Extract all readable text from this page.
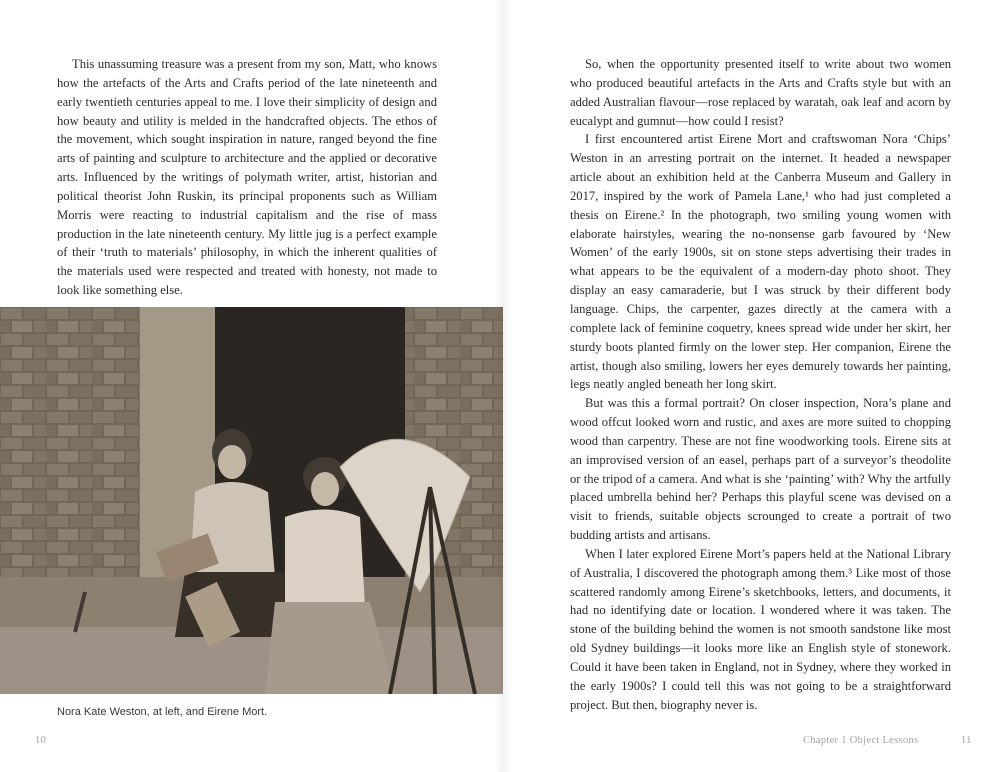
This unassuming treasure was a present from my son, Matt, who knows how the artefacts of the Arts and Crafts period of the late nineteenth and early twentieth centuries appeal to me. I love their simplicity of design and how beauty and utility is melded in the handcrafted objects. The ethos of the movement, which sought inspiration in nature, ranged beyond the fine arts of painting and sculpture to architecture and the applied or decorative arts. Influenced by the writings of polymath writer, artist, historian and political theorist John Ruskin, its principal proponents such as William Morris were reacting to industrial capitalism and the rise of mass production in the late nineteenth century. My little jug is a perfect example of their ‘truth to materials’ philosophy, in which the inherent qualities of the materials used were respected and treated with honesty, not made to look like something else.

Nora Kate Weston, at left, and Eirene Mort.
10

So, when the opportunity presented itself to write about two women who produced beautiful artefacts in the Arts and Crafts style but with an added Australian flavour—rose replaced by waratah, oak leaf and acorn by eucalypt and gumnut—how could I resist?

I first encountered artist Eirene Mort and craftswoman Nora ‘Chips’ Weston in an arresting portrait on the internet. It headed a newspaper article about an exhibition held at the Canberra Museum and Gallery in 2017, inspired by the work of Pamela Lane,¹ who had just completed a thesis on Eirene.² In the photograph, two smiling young women with elaborate hairstyles, wearing the no-nonsense garb favoured by ‘New Women’ of the early 1900s, sit on stone steps advertising their trades in what appears to be the equivalent of a modern-day photo shoot. They display an easy camaraderie, but I was struck by their different body language. Chips, the carpenter, gazes directly at the camera with a complete lack of feminine coquetry, knees spread wide under her skirt, her sturdy boots planted firmly on the lower step. Her companion, Eirene the artist, though also smiling, lowers her eyes demurely towards her painting, legs neatly angled beneath her long skirt.

But was this a formal portrait? On closer inspection, Nora’s plane and wood offcut looked worn and rustic, and axes are more suited to chopping wood than carpentry. These are not fine woodworking tools. Eirene sits at an improvised version of an easel, perhaps part of a surveyor’s theodolite or the tripod of a camera. And what is she ‘painting’ with? Why the artfully placed umbrella behind her? Perhaps this playful scene was devised on a visit to friends, suitable objects scrounged to create a portrait of two budding artists and artisans.

When I later explored Eirene Mort’s papers held at the National Library of Australia, I discovered the photograph among them.³ Like most of those scattered randomly among Eirene’s sketchbooks, letters, and documents, it had no identifying date or location. I wondered where it was taken. The stone of the building behind the women is not smooth sandstone like most old Sydney buildings—it looks more like an English style of stonework. Could it have been taken in England, not in Sydney, where they worked in the early 1900s? I could tell this was not going to be a straightforward project. But then, biography never is.

Chapter 1 Object Lessons	11
